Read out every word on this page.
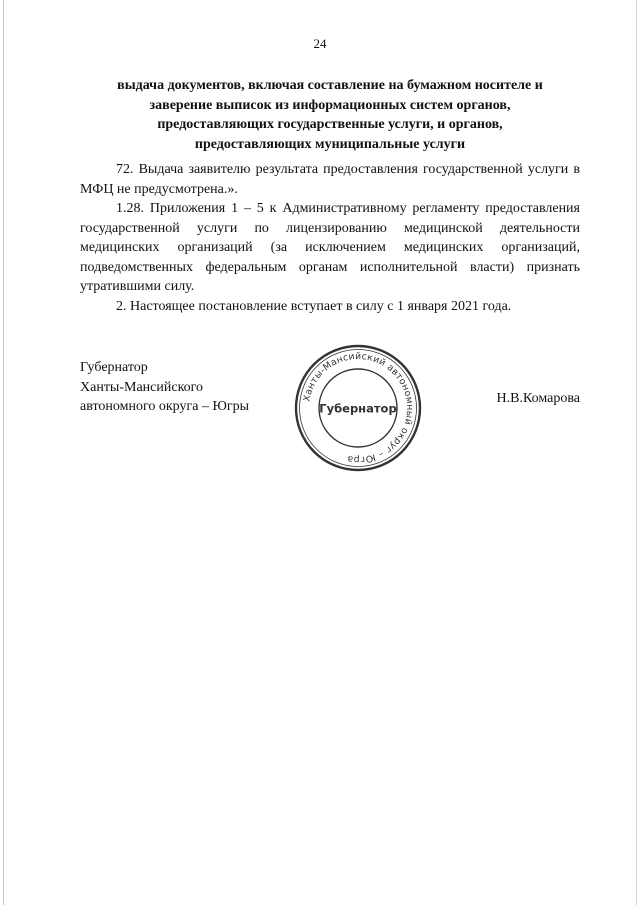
24
выдача документов, включая составление на бумажном носителе и
заверение выписок из информационных систем органов,
предоставляющих государственные услуги, и органов,
предоставляющих муниципальные услуги

72. Выдача заявителю результата предоставления государственной услуги в МФЦ не предусмотрена.».

1.28. Приложения 1 – 5 к Административному регламенту предоставления государственной услуги по лицензированию медицинской деятельности медицинских организаций (за исключением медицинских организаций, подведомственных федеральным органам исполнительной власти) признать утратившими силу.

2. Настоящее постановление вступает в силу с 1 января 2021 года.

Губернатор
Ханты-Мансийского
автономного округа – Югры
Ханты-Мансийский автономный округ – Югра
Губернатор
Н.В.Комарова
